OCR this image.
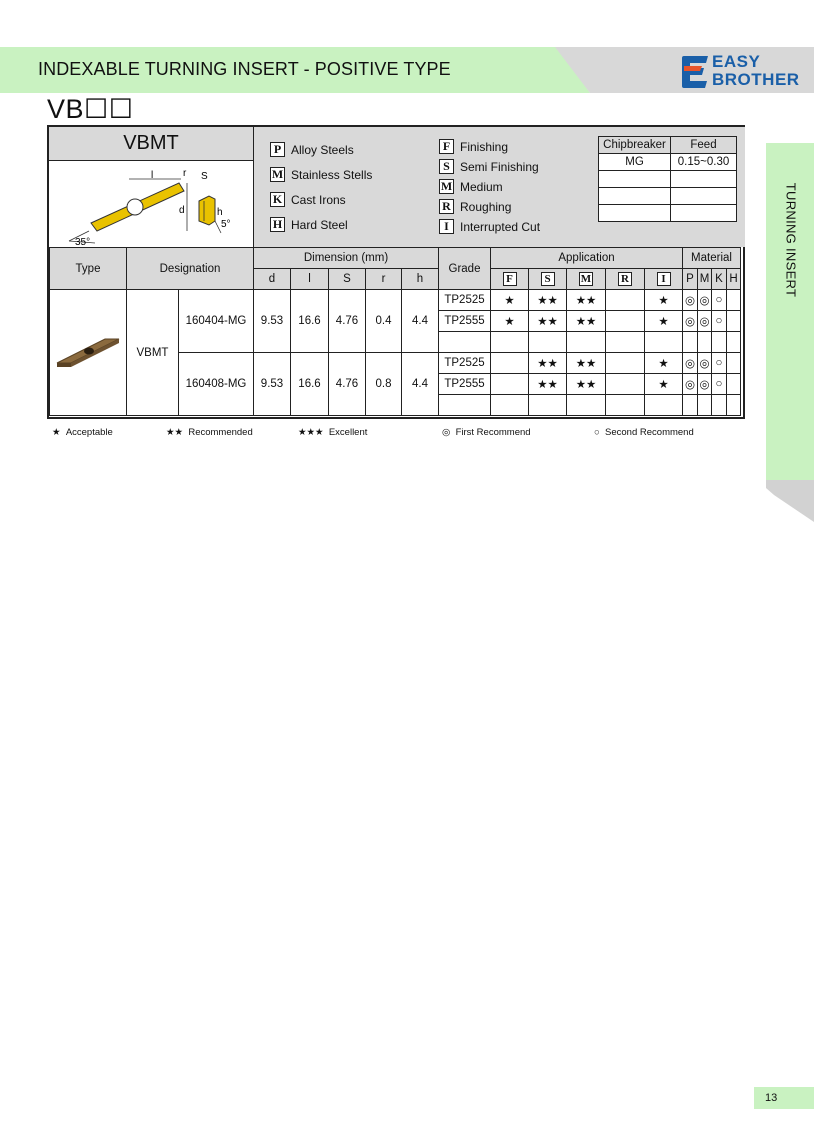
INDEXABLE TURNING INSERT - POSITIVE TYPE	EASY
BROTHER
VB☐☐
TURNING INSERT
VBMT
l	r S
d	h
35°
5°
P Alloy Steels
M Stainless Stells
K Cast Irons
H Hard Steel
F Finishing
S Semi Finishing
M Medium
R Roughing
I Interrupted Cut
Chipbreaker	Feed
MG	0.15~0.30

Type	Designation		Dimension (mm)					Grade	Application					Material			
			d	l	S	r	h		F	S	M	R	I	P	M	K	H
	VBMT	160404-MG	9.53	16.6	4.76	0.4	4.4	TP2525	★	★★	★★		★	◎	◎	○	
								TP2555	★	★★	★★		★	◎	◎	○	

		160408-MG	9.53	16.6	4.76	0.8	4.4	TP2525		★★	★★		★	◎	◎	○	
								TP2555		★★	★★		★	◎	◎	○	

★ Acceptable	★★ Recommended	★★★ Excellent	◎ First Recommend	○ Second Recommend
13
